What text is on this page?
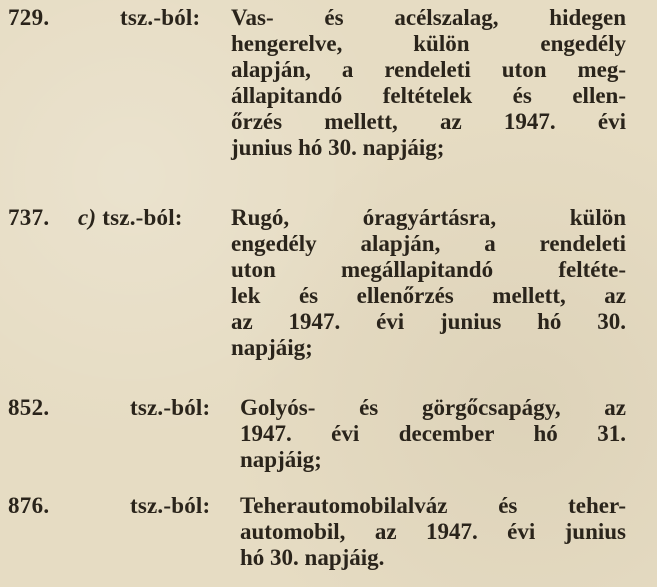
729.	tsz.-ból: Vas- és acélszalag, hidegen
hengerelve, külön engedély
alapján, a rendeleti uton meg-
állapitandó feltételek és ellen-
őrzés mellett, az 1947. évi
junius hó 30. napjáig;
737.	c) tsz.-ból: Rugó, óragyártásra, külön
engedély alapján, a rendeleti
uton megállapitandó feltéte-
lek és ellenőrzés mellett, az
az 1947. évi junius hó 30.
napjáig;
852.	tsz.-ból: Golyós- és görgőcsapágy, az
1947. évi december hó 31.
napjáig;
876.	tsz.-ból: Teherautomobilalváz és teher-
automobil, az 1947. évi junius
hó 30. napjáig.
